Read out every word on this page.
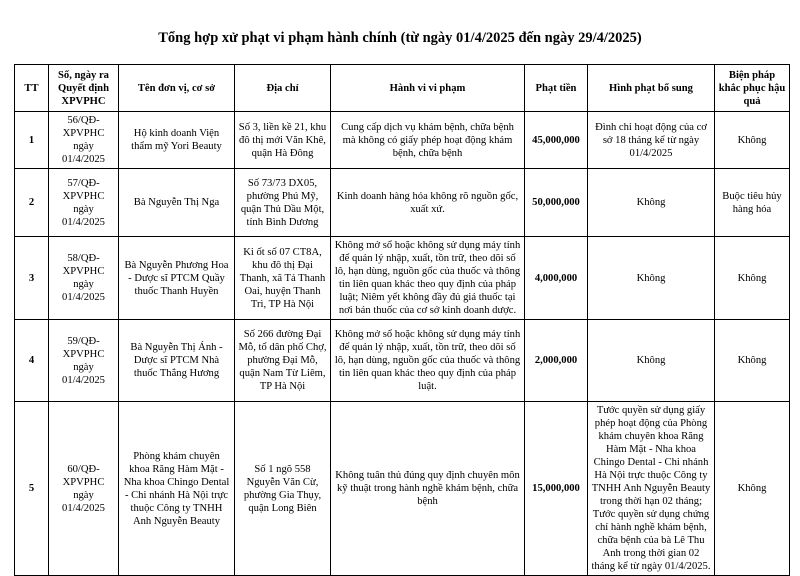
Tổng hợp xử phạt vi phạm hành chính (từ ngày 01/4/2025 đến ngày 29/4/2025)
TT	Số, ngày ra Quyết định XPVPHC	Tên đơn vị, cơ sở	Địa chỉ	Hành vi vi phạm	Phạt tiền	Hình phạt bổ sung	Biện pháp khắc phục hậu quả
1	56/QĐ-XPVPHC ngày 01/4/2025	Hộ kinh doanh Viện thẩm mỹ Yori Beauty	Số 3, liền kề 21, khu đô thị mới Văn Khê, quận Hà Đông	Cung cấp dịch vụ khám bệnh, chữa bệnh mà không có giấy phép hoạt động khám bệnh, chữa bệnh	45,000,000	Đình chỉ hoạt động của cơ sở 18 tháng kể từ ngày 01/4/2025	Không
2	57/QĐ-XPVPHC ngày 01/4/2025	Bà Nguyễn Thị Nga	Số 73/73 DX05, phường Phú Mỹ, quận Thủ Dầu Một, tỉnh Bình Dương	Kinh doanh hàng hóa không rõ nguồn gốc, xuất xứ.	50,000,000	Không	Buộc tiêu hủy hàng hóa
3	58/QĐ-XPVPHC ngày 01/4/2025	Bà Nguyễn Phương Hoa - Dược sĩ PTCM Quầy thuốc Thanh Huyền	Ki ốt số 07 CT8A, khu đô thị Đại Thanh, xã Tả Thanh Oai, huyện Thanh Trì, TP Hà Nội	Không mở sổ hoặc không sử dụng máy tính để quản lý nhập, xuất, tồn trữ, theo dõi số lô, hạn dùng, nguồn gốc của thuốc và thông tin liên quan khác theo quy định của pháp luật; Niêm yết không đầy đủ giá thuốc tại nơi bán thuốc của cơ sở kinh doanh dược.	4,000,000	Không	Không
4	59/QĐ-XPVPHC ngày 01/4/2025	Bà Nguyễn Thị Ánh - Dược sĩ PTCM Nhà thuốc Thắng Hương	Số 266 đường Đại Mỗ, tổ dân phố Chợ, phường Đại Mỗ, quận Nam Từ Liêm, TP Hà Nội	Không mở sổ hoặc không sử dụng máy tính để quản lý nhập, xuất, tồn trữ, theo dõi số lô, hạn dùng, nguồn gốc của thuốc và thông tin liên quan khác theo quy định của pháp luật.	2,000,000	Không	Không
5	60/QĐ-XPVPHC ngày 01/4/2025	Phòng khám chuyên khoa Răng Hàm Mặt - Nha khoa Chingo Dental - Chi nhánh Hà Nội trực thuộc Công ty TNHH Anh Nguyễn Beauty	Số 1 ngõ 558 Nguyễn Văn Cừ, phường Gia Thụy, quận Long Biên	Không tuân thủ đúng quy định chuyên môn kỹ thuật trong hành nghề khám bệnh, chữa bệnh	15,000,000	Tước quyền sử dụng giấy phép hoạt động của Phòng khám chuyên khoa Răng Hàm Mặt - Nha khoa Chingo Dental - Chi nhánh Hà Nội trực thuộc Công ty TNHH Anh Nguyễn Beauty trong thời hạn 02 tháng; Tước quyền sử dụng chứng chỉ hành nghề khám bệnh, chữa bệnh của bà Lê Thu Anh trong thời gian 02 tháng kể từ ngày 01/4/2025.	Không
